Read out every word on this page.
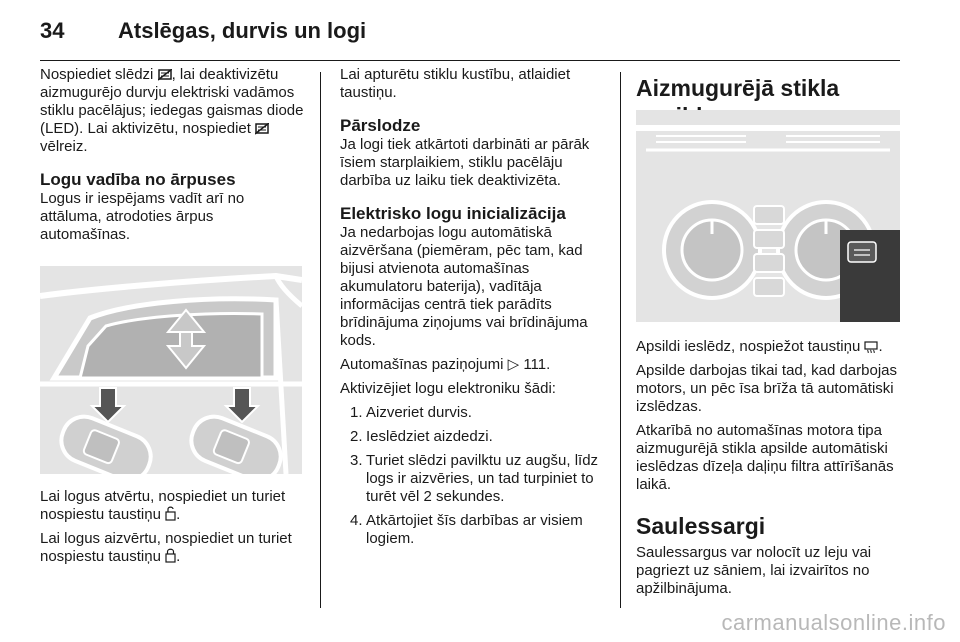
34 Atslēgas, durvis un logi

Nospiediet slēdzi , lai deaktivizētu aizmugurējo durvju elektriski vadāmos stiklu pacēlājus; iedegas gaismas diode (LED). Lai aktivizētu, nospiediet  vēlreiz.

Logu vadība no ārpuses

Logus ir iespējams vadīt arī no attāluma, atrodoties ārpus automašīnas.

Lai logus atvērtu, nospiediet un turiet nospiestu taustiņu .

Lai logus aizvērtu, nospiediet un turiet nospiestu taustiņu .

Lai apturētu stiklu kustību, atlaidiet taustiņu.

Pārslodze

Ja logi tiek atkārtoti darbināti ar pārāk īsiem starplaikiem, stiklu pacēlāju darbība uz laiku tiek deaktivizēta.

Elektrisko logu inicializācija

Ja nedarbojas logu automātiskā aizvēršana (piemēram, pēc tam, kad bijusi atvienota automašīnas akumulatoru baterija), vadītāja informācijas centrā tiek parādīts brīdinājuma ziņojums vai brīdinājuma kods.

Automašīnas paziņojumi ▷ 111.

Aktivizējiet logu elektroniku šādi:

1. Aizveriet durvis.
2. Ieslēdziet aizdedzi.
3. Turiet slēdzi pavilktu uz augšu, līdz logs ir aizvēries, un tad turpiniet to turēt vēl 2 sekundes.
4. Atkārtojiet šīs darbības ar visiem logiem.

Aizmugurējā stikla

Apsildi ieslēdz, nospiežot taustiņu .

Apsilde darbojas tikai tad, kad darbojas motors, un pēc īsa brīža tā automātiski izslēdzas.

Atkarībā no automašīnas motora tipa aizmugurējā stikla apsilde automātiski ieslēdzas dīzeļa daļiņu filtra attīrīšanās laikā.

Saulessargi

Saulessargus var nolocīt uz leju vai pagriezt uz sāniem, lai izvairītos no apžilbinājuma.

carmanualsonline.info
